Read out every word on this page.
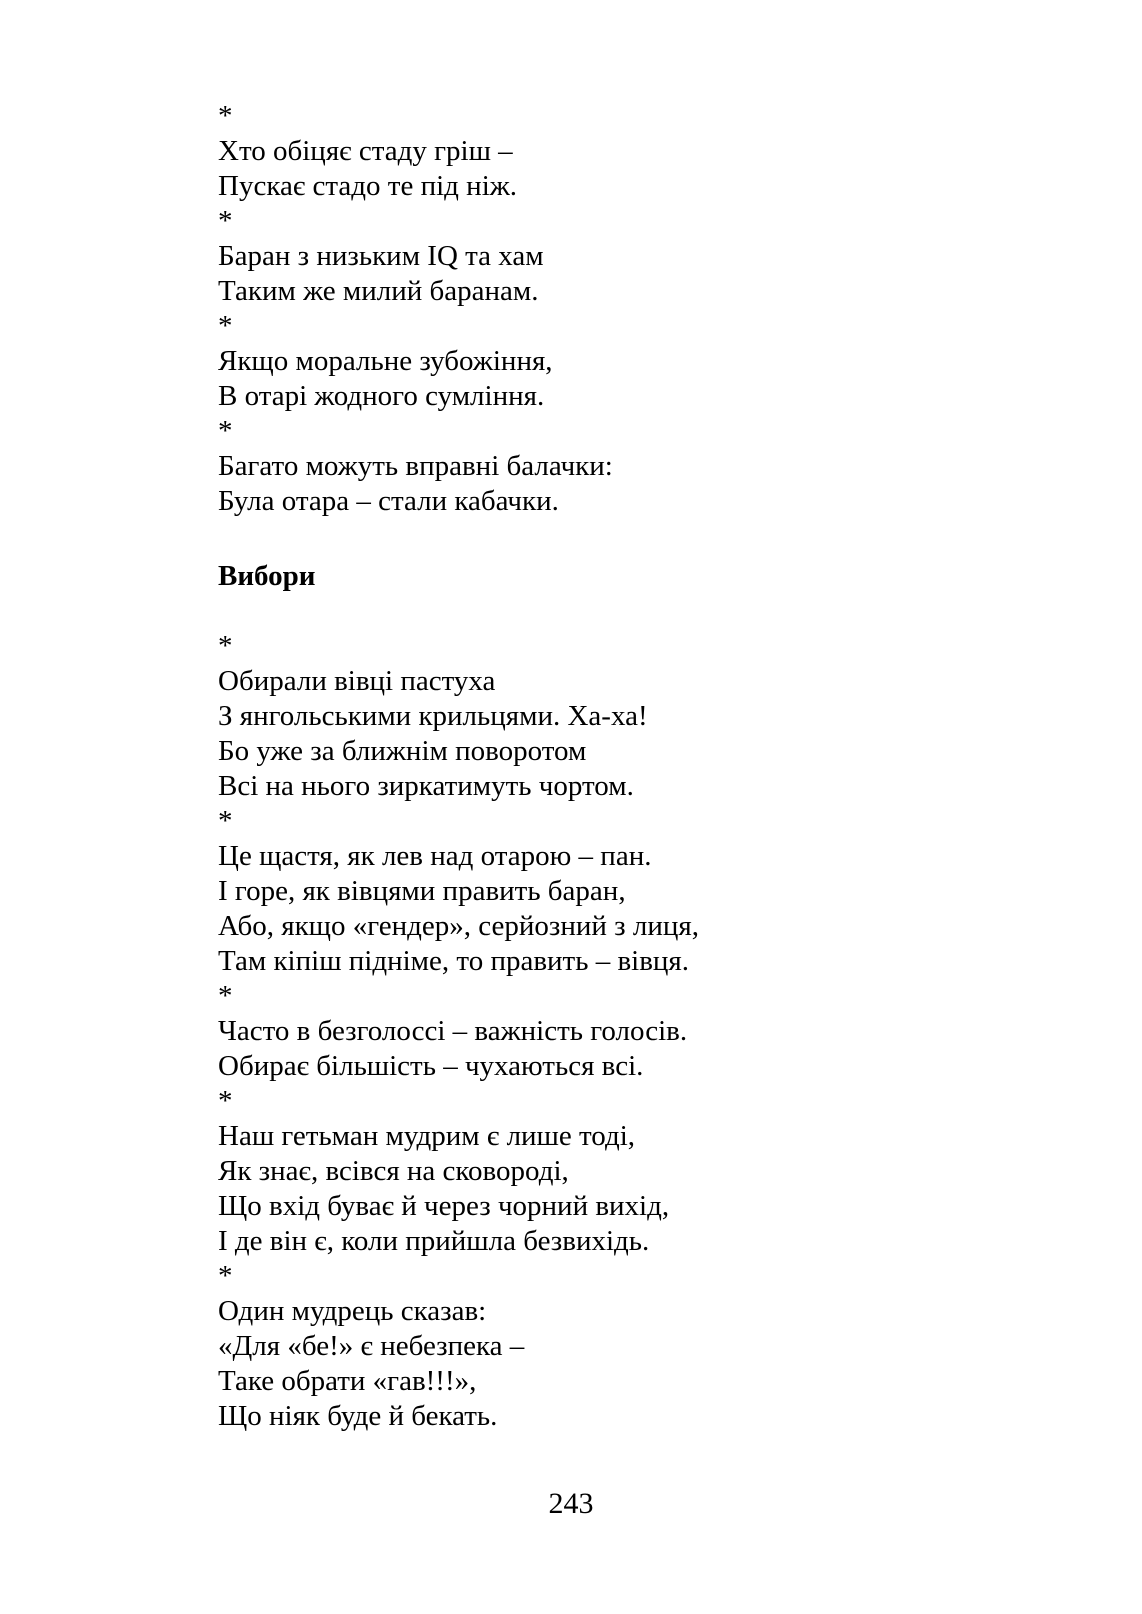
*
Хто обіцяє стаду гріш –
Пускає стадо те під ніж.
*
Баран з низьким IQ та хам
Таким же милий баранам.
*
Якщо моральне зубожіння,
В отарі жодного сумління.
*
Багато можуть вправні балачки:
Була отара – стали кабачки.
Вибори
*
Обирали вівці пастуха
З янгольськими крильцями. Ха-ха!
Бо уже за ближнім поворотом
Всі на нього зиркатимуть чортом.
*
Це щастя, як лев над отарою – пан.
І горе, як вівцями править баран,
Або, якщо «гендер», серйозний з лиця,
Там кіпіш підніме, то править – вівця.
*
Часто в безголоссі – важність голосів.
Обирає більшість – чухаються всі.
*
Наш гетьман мудрим є лише тоді,
Як знає, всівся на сковороді,
Що вхід буває й через чорний вихід,
І де він є, коли прийшла безвихідь.
*
Один мудрець сказав:
«Для «бе!» є небезпека –
Таке обрати «гав!!!»,
Що ніяк буде й бекать.
243
